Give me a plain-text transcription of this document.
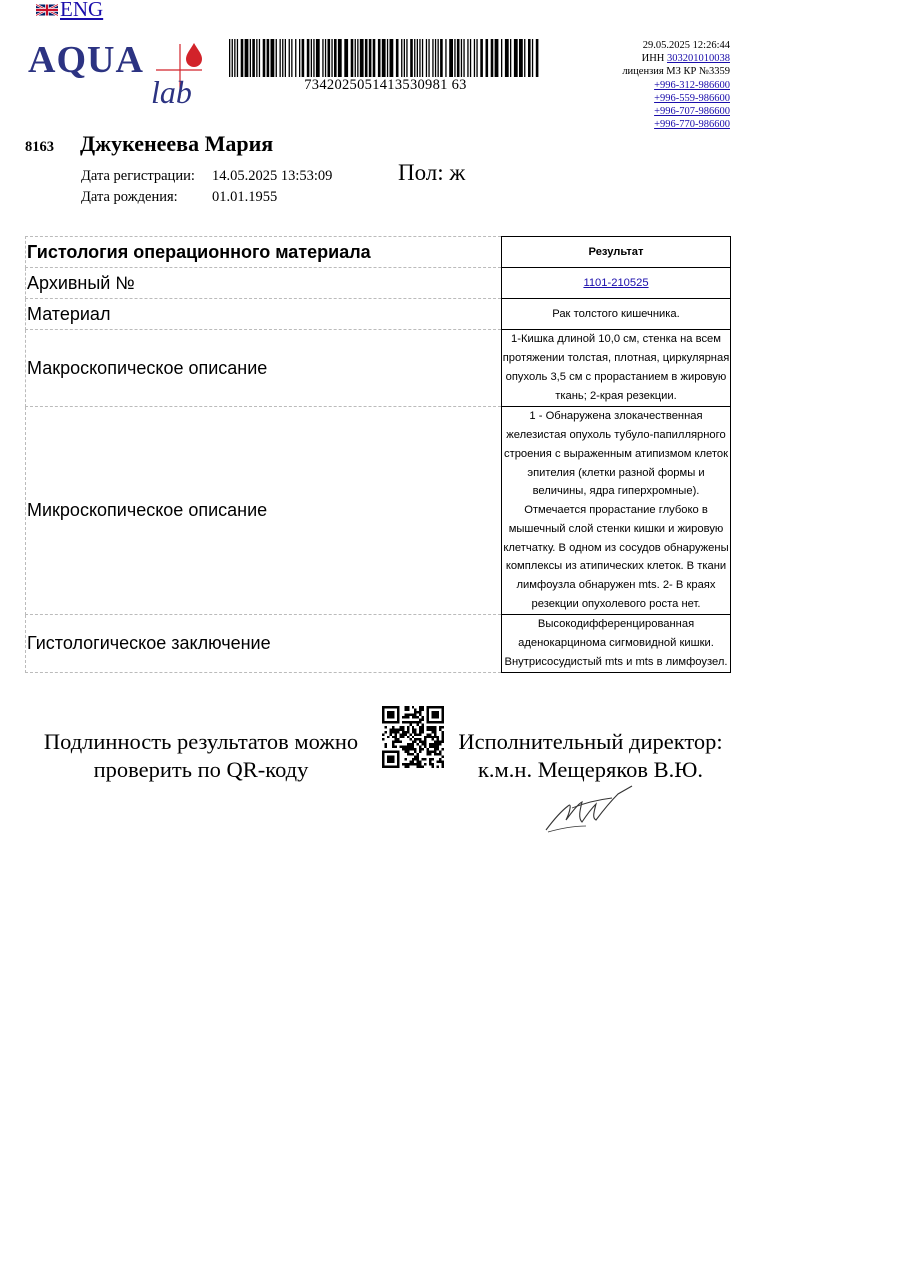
ENG
AQUA
lab	7342025051413530981 63
29.05.2025 12:26:44
ИНН 303201010038
лицензия МЗ КР №3359
+996-312-986600
+996-559-986600
+996-707-986600
+996-770-986600
8163 Джукенеева Мария
Дата регистрации: 14.05.2025 13:53:09
Дата рождения: 01.01.1955
Пол: ж
Гистология операционного материала	Результат
Архивный №	1101-210525
Материал	Рак толстого кишечника.
Макроскопическое описание	1-Кишка длиной 10,0 см, стенка на всем протяжении толстая, плотная, циркулярная опухоль 3,5 см с прорастанием в жировую ткань; 2-края резекции.
Микроскопическое описание	1 - Обнаружена злокачественная железистая опухоль тубуло-папиллярного строения с выраженным атипизмом клеток эпителия (клетки разной формы и величины, ядра гиперхромные). Отмечается прорастание глубоко в мышечный слой стенки кишки и жировую клетчатку. В одном из сосудов обнаружены комплексы из атипических клеток. В ткани лимфоузла обнаружен mts. 2- В краях резекции опухолевого роста нет.
Гистологическое заключение	Высокодифференцированная аденокарцинома сигмовидной кишки. Внутрисосудистый mts и mts в лимфоузел.
Подлинность результатов можно
проверить по QR-коду
Исполнительный директор:
к.м.н. Мещеряков В.Ю.
